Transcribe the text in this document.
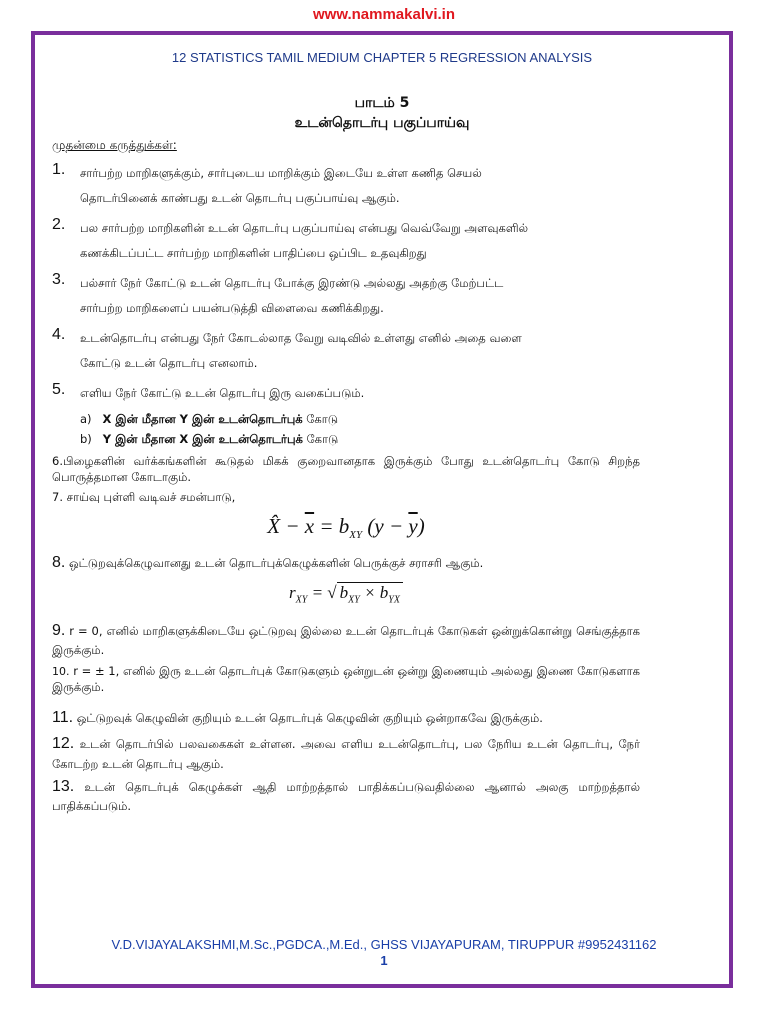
www.nammakalvi.in
12 STATISTICS TAMIL MEDIUM CHAPTER 5 REGRESSION ANALYSIS
பாடம் 5
உடன்தொடர்பு பகுப்பாய்வு
முதன்மை கருத்துக்கள்:
1. சார்பற்ற மாறிகளுக்கும், சார்புடைய மாறிக்கும் இடையே உள்ள கணித செயல்
தொடர்பினைக் காண்பது உடன் தொடர்பு பகுப்பாய்வு ஆகும்.
2. பல சார்பற்ற மாறிகளின் உடன் தொடர்பு பகுப்பாய்வு என்பது வெவ்வேறு அளவுகளில்
கணக்கிடப்பட்ட சார்பற்ற மாறிகளின் பாதிப்பை ஒப்பிட உதவுகிறது
3. பல்சார் நேர் கோட்டு உடன் தொடர்பு போக்கு இரண்டு அல்லது அதற்கு மேற்பட்ட
சார்பற்ற மாறிகளைப் பயன்படுத்தி விளைவை கணிக்கிறது.
4. உடன்தொடர்பு என்பது நேர் கோடல்லாத வேறு வடிவில் உள்ளது எனில் அதை வளை
கோட்டு உடன் தொடர்பு எனலாம்.
5. எளிய நேர் கோட்டு உடன் தொடர்பு இரு வகைப்படும்.
a) X இன் மீதான Y இன் உடன்தொடர்புக் கோடு
b) Y இன் மீதான X இன் உடன்தொடர்புக் கோடு
6.பிழைகளின் வர்க்கங்களின் கூடுதல் மிகக் குறைவானதாக இருக்கும் போது உடன்தொடர்பு கோடு சிறந்த பொருத்தமான கோடாகும்.
7. சாய்வு புள்ளி வடிவச் சமன்பாடு,
X̂ − $\overline{x} = b_{XY}$ $(y - \overline{y})$
8. ஒட்டுறவுக்கெழுவானது உடன் தொடர்புக்கெழுக்களின் பெருக்குச் சராசரி ஆகும்.
$r_{XY}$ = √ $b_{XY} \times b_{YX}$
9. r = 0, எனில் மாறிகளுக்கிடையே ஒட்டுறவு இல்லை உடன் தொடர்புக் கோடுகள் ஒன்றுக்கொன்று செங்குத்தாக இருக்கும்.
10. r = ± 1, எனில் இரு உடன் தொடர்புக் கோடுகளும் ஒன்றுடன் ஒன்று இணையும் அல்லது இணை கோடுகளாக இருக்கும்.
11. ஒட்டுறவுக் கெழுவின் குறியும் உடன் தொடர்புக் கெழுவின் குறியும் ஒன்றாகவே இருக்கும்.
12. உடன் தொடர்பில் பலவகைகள் உள்ளன. அவை எளிய உடன்தொடர்பு, பல நேரிய உடன் தொடர்பு, நேர் கோடற்ற உடன் தொடர்பு ஆகும்.
13. உடன் தொடர்புக் கெழுக்கள் ஆதி மாற்றத்தால் பாதிக்கப்படுவதில்லை ஆனால் அலகு மாற்றத்தால் பாதிக்கப்படும்.
V.D.VIJAYALAKSHMI,M.Sc.,PGDCA.,M.Ed., GHSS VIJAYAPURAM, TIRUPPUR #9952431162
1
